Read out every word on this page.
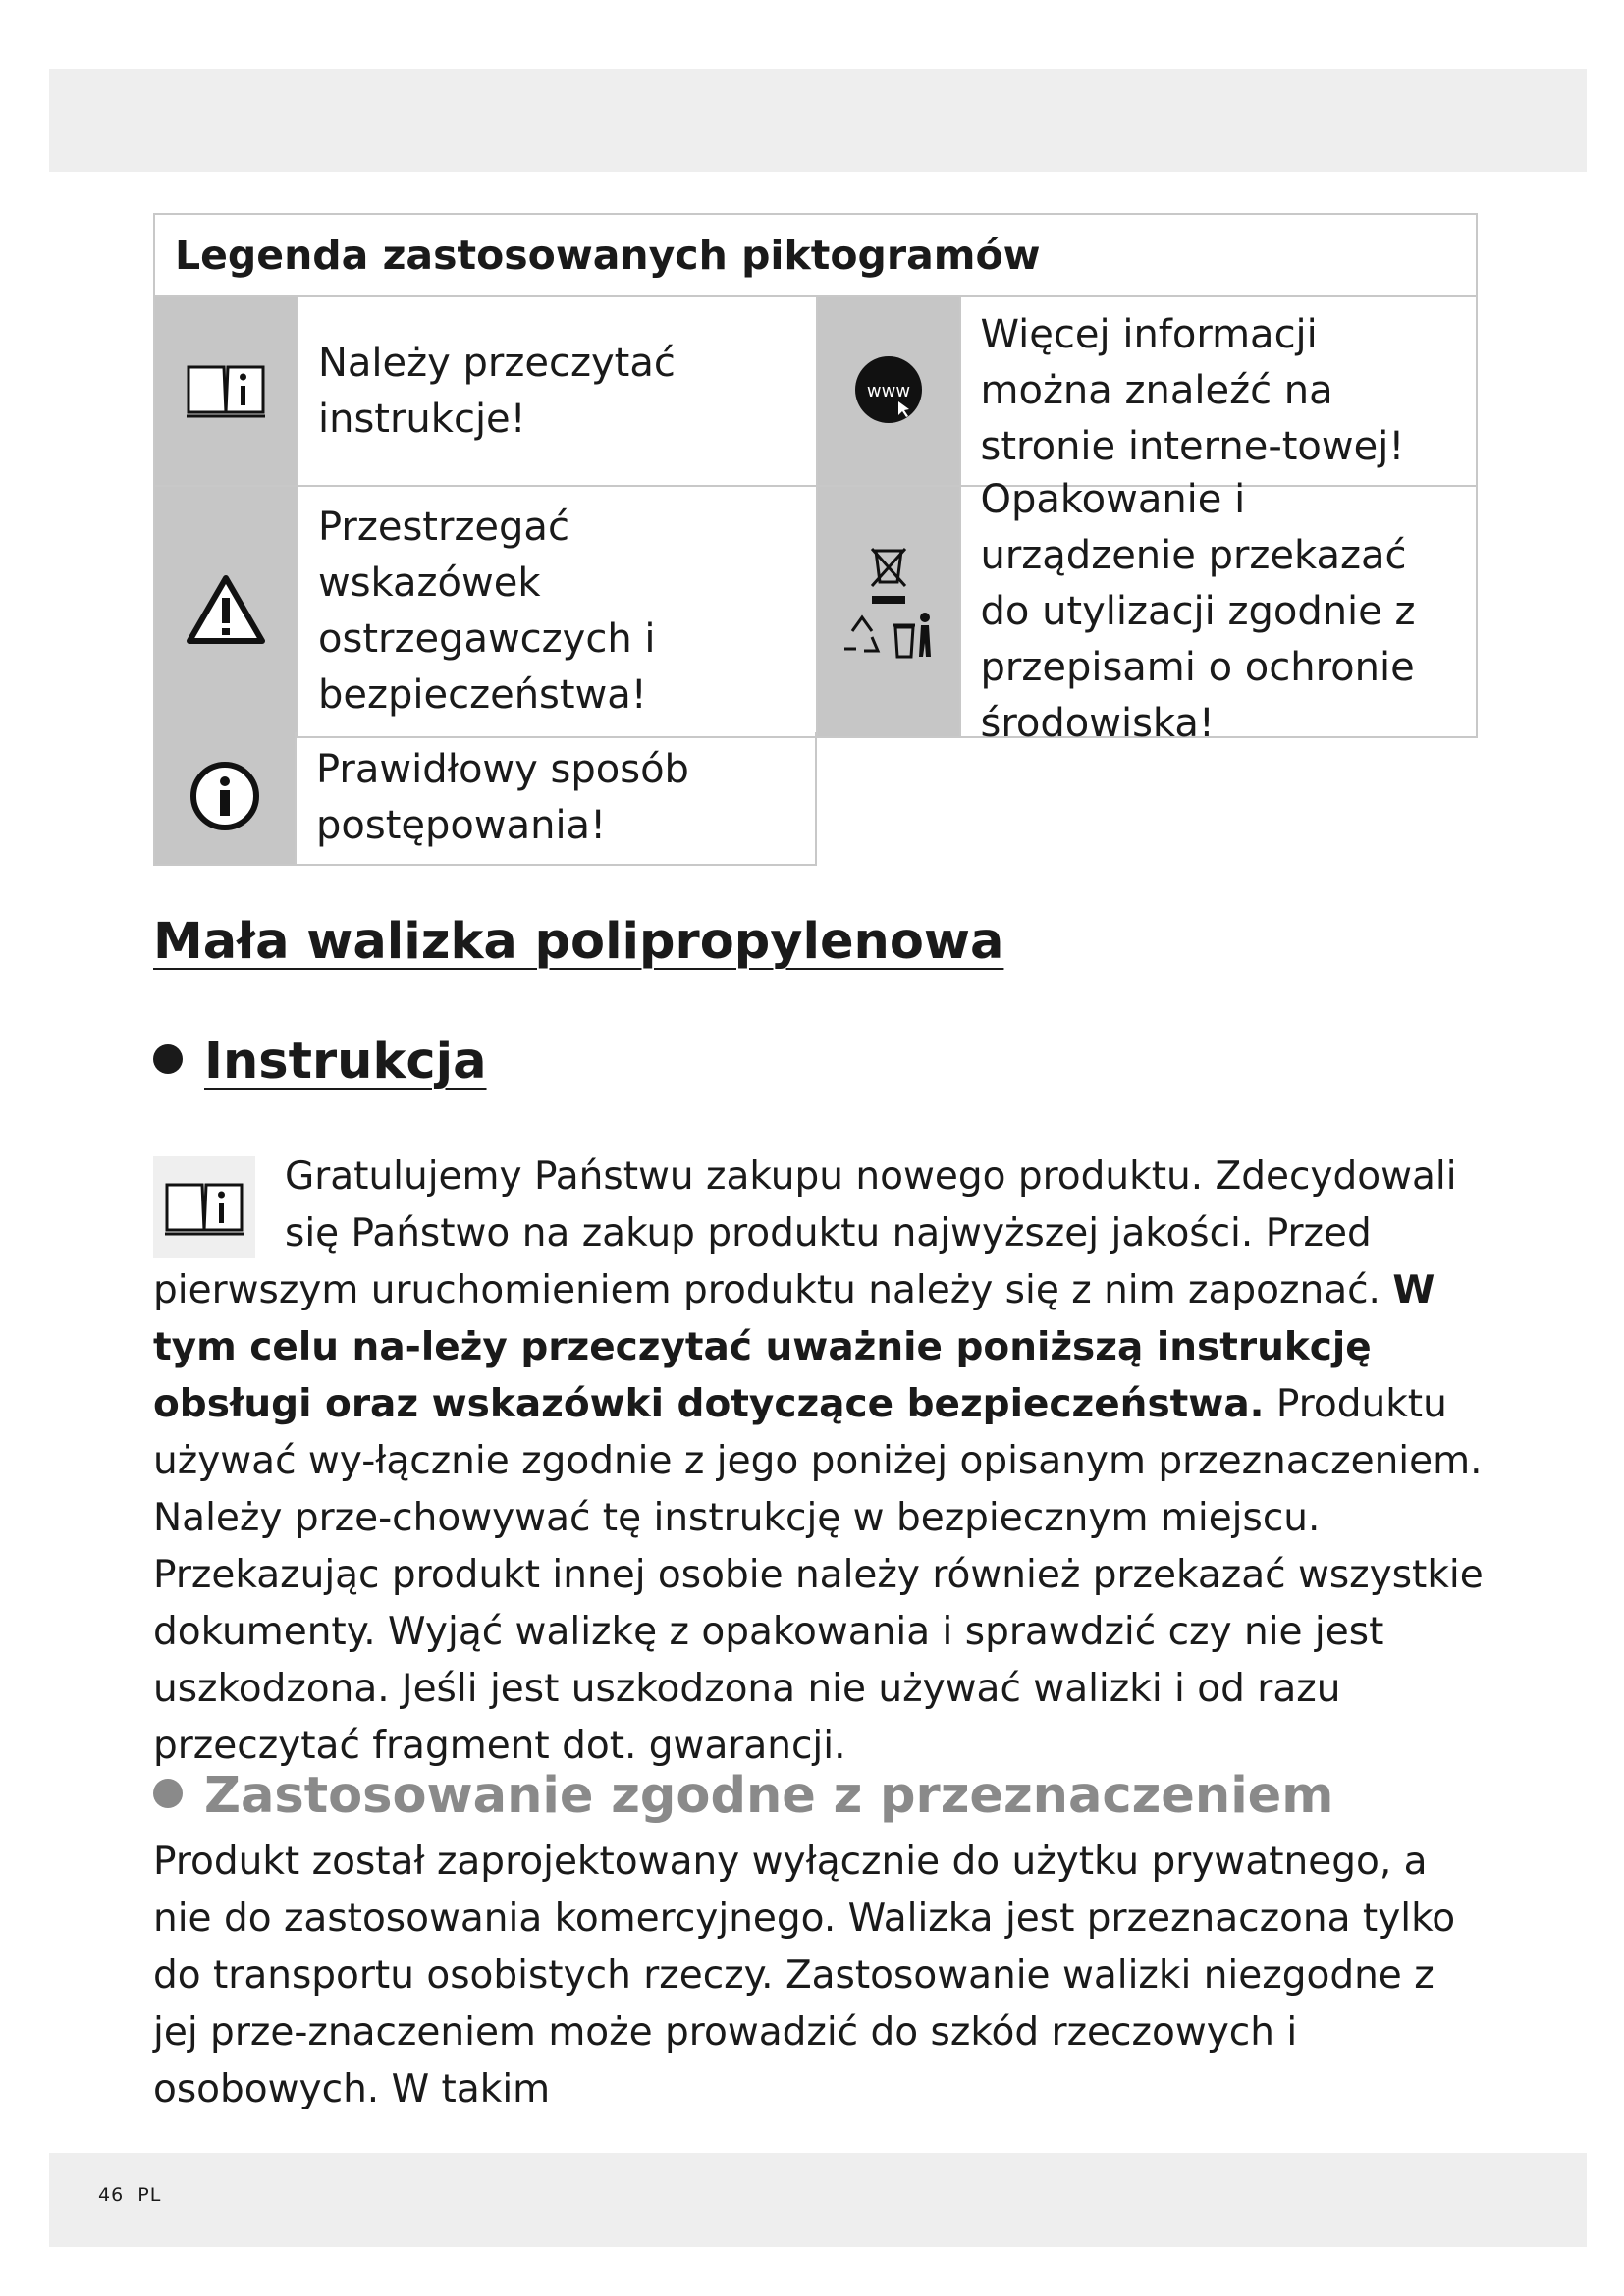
Legenda zastosowanych piktogramów
Należy przeczytać instrukcje!
www
Więcej informacji można znaleźć na stronie interne-towej!
Przestrzegać wskazówek ostrzegawczych i bezpieczeństwa!
Opakowanie i urządzenie przekazać do utylizacji zgodnie z przepisami o ochronie środowiska!
Prawidłowy sposób postępowania!
Mała walizka polipropylenowa
Instrukcja

Gratulujemy Państwu zakupu nowego produktu. Zdecydowali się Państwo na zakup produktu najwyższej jakości. Przed pierwszym uruchomieniem produktu należy się z nim zapoznać. W tym celu na-leży przeczytać uważnie poniższą instrukcję obsługi oraz wskazówki dotyczące bezpieczeństwa. Produktu używać wy-łącznie zgodnie z jego poniżej opisanym przeznaczeniem. Należy prze-chowywać tę instrukcję w bezpiecznym miejscu. Przekazując produkt innej osobie należy również przekazać wszystkie dokumenty. Wyjąć walizkę z opakowania i sprawdzić czy nie jest uszkodzona. Jeśli jest uszkodzona nie używać walizki i od razu przeczytać fragment dot. gwarancji.

Zastosowanie zgodne z przeznaczeniem

Produkt został zaprojektowany wyłącznie do użytku prywatnego, a nie do zastosowania komercyjnego. Walizka jest przeznaczona tylko do transportu osobistych rzeczy. Zastosowanie walizki niezgodne z jej prze-znaczeniem może prowadzić do szkód rzeczowych i osobowych. W takim

46 PL
